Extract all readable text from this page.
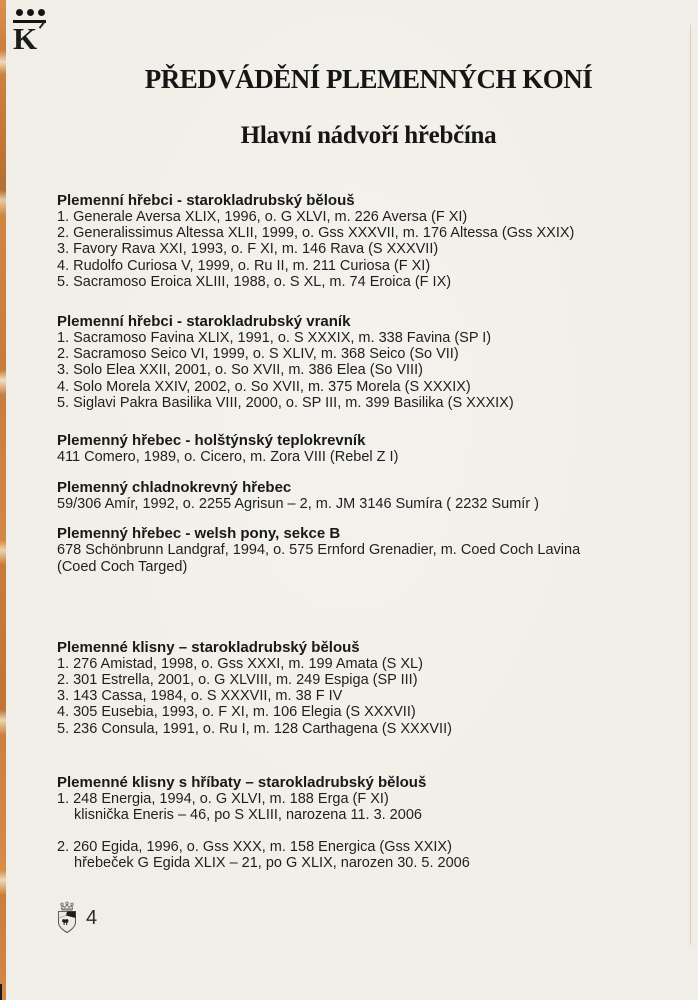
K
PŘEDVÁDĚNÍ PLEMENNÝCH KONÍ
Hlavní nádvoří hřebčína
Plemenní hřebci - starokladrubský bělouš

1. Generale Aversa XLIX, 1996, o. G XLVI, m. 226 Aversa (F XI)

2. Generalissimus Altessa XLII, 1999, o. Gss XXXVII, m. 176 Altessa (Gss XXIX)

3. Favory Rava XXI, 1993, o. F XI, m. 146 Rava (S XXXVII)

4. Rudolfo Curiosa V, 1999, o. Ru II, m. 211 Curiosa (F XI)

5. Sacramoso Eroica XLIII, 1988, o. S XL, m. 74 Eroica (F IX)

Plemenní hřebci - starokladrubský vraník

1. Sacramoso Favina XLIX, 1991, o. S XXXIX, m. 338 Favina (SP I)

2. Sacramoso Seico VI, 1999, o. S XLIV, m. 368 Seico (So VII)

3. Solo Elea XXII, 2001, o. So XVII, m. 386 Elea (So VIII)

4. Solo Morela XXIV, 2002, o. So XVII, m. 375 Morela (S XXXIX)

5. Siglavi Pakra Basilika VIII, 2000, o. SP III, m. 399 Basilika (S XXXIX)

Plemenný hřebec - holštýnský teplokrevník

411 Comero, 1989, o. Cicero, m. Zora VIII (Rebel Z I)

Plemenný chladnokrevný hřebec

59/306 Amír, 1992, o. 2255 Agrisun – 2, m. JM 3146 Sumíra ( 2232 Sumír )

Plemenný hřebec - welsh pony, sekce B

678 Schönbrunn Landgraf, 1994, o. 575 Ernford Grenadier, m. Coed Coch Lavina

(Coed Coch Targed)

Plemenné klisny – starokladrubský bělouš

1. 276 Amistad, 1998, o. Gss XXXI, m. 199 Amata (S XL)

2. 301 Estrella, 2001, o. G XLVIII, m. 249 Espiga (SP III)

3. 143 Cassa, 1984, o. S XXXVII, m. 38 F IV

4. 305 Eusebia, 1993, o. F XI, m. 106 Elegia (S XXXVII)

5. 236 Consula, 1991, o. Ru I, m. 128 Carthagena (S XXXVII)

Plemenné klisny s hříbaty – starokladrubský bělouš

1. 248 Energia, 1994, o. G XLVI, m. 188 Erga (F XI)

klisnička Eneris – 46, po S XLIII, narozena 11. 3. 2006

2. 260 Egida, 1996, o. Gss XXX, m. 158 Energica (Gss XXIX)

hřebeček G Egida XLIX – 21, po G XLIX, narozen 30. 5. 2006

4
